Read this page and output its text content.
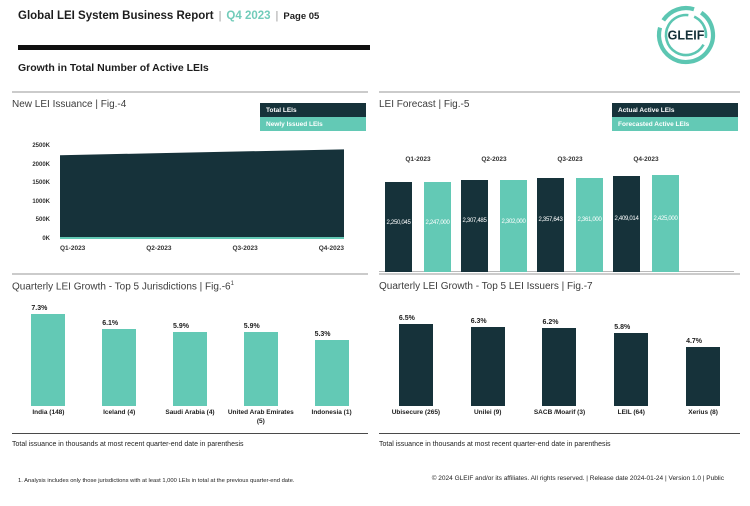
Global LEI System Business Report | Q4 2023 | Page 05
GLEIF
Growth in Total Number of Active LEIs
New LEI Issuance | Fig.-4	Total LEIs
Newly Issued LEIs
2500K
2000K
1500K
1000K
500K
0K
Q1-2023	Q2-2023	Q3-2023	Q4-2023
LEI Forecast | Fig.-5	Actual Active LEIs
Forecasted Active LEIs
Q1-2023
2,250,045	2,247,000
Q2-2023
2,307,485	2,302,000
Q3-2023
2,357,643	2,361,000
Q4-2023
2,409,014	2,425,000
Quarterly LEI Growth - Top 5 Jurisdictions | $Fig.-6^1$
7.3%
India (148)
6.1%
Iceland (4)
5.9%
Saudi Arabia (4)
5.9%
United Arab Emirates (5)
5.3%
Indonesia (1)
Quarterly LEI Growth - Top 5 LEI Issuers | Fig.-7
6.5%
Ubisecure (265)
6.3%
Unilei (9)
6.2%
SACB /Moarif (3)
5.8%
LEIL (64)
4.7%
Xerius (8)
Total issuance in thousands at most recent quarter-end date in parenthesis	Total issuance in thousands at most recent quarter-end date in parenthesis
1. Analysis includes only those jurisdictions with at least 1,000 LEIs in total at the previous quarter-end date.	© 2024 GLEIF and/or its affiliates. All rights reserved. | Release date 2024-01-24 | Version 1.0 | Public
